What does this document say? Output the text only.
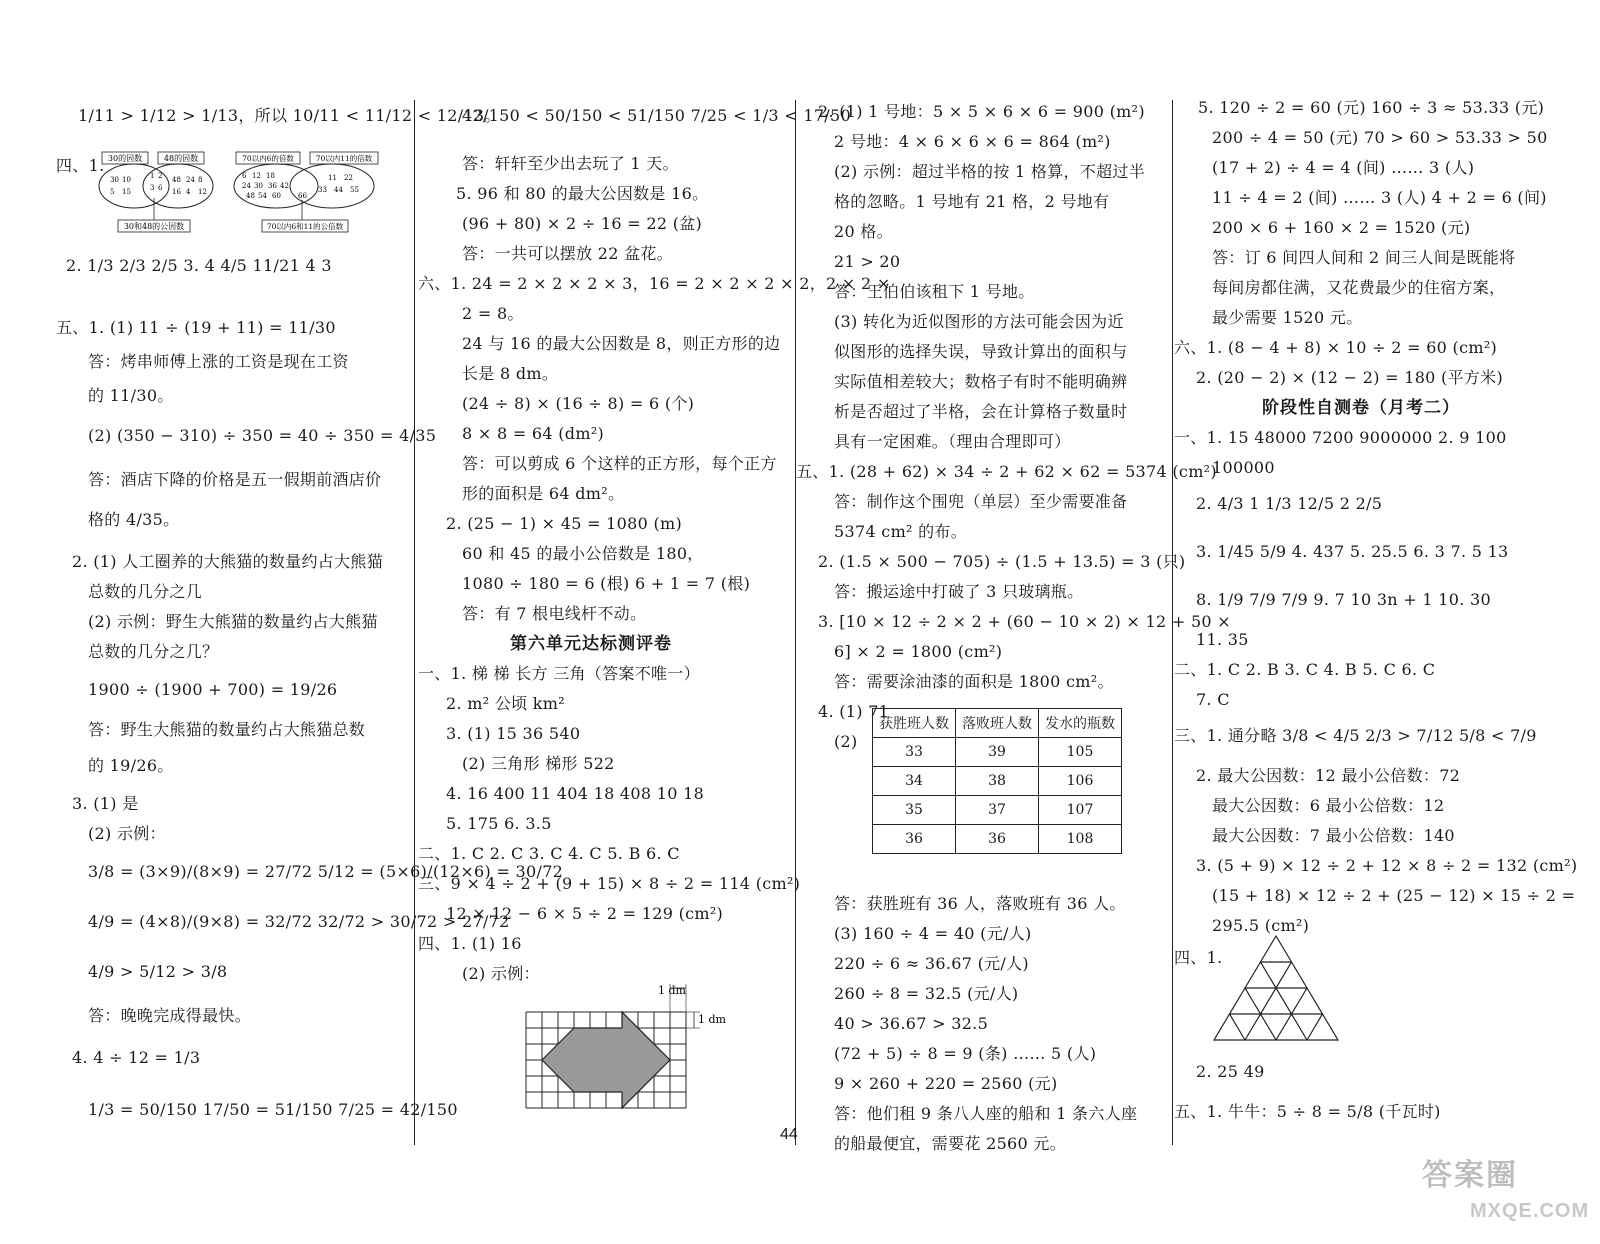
1/11 > 1/12 > 1/13，所以 10/11 < 11/12 < 12/13。
四、1.
2. 1/3 2/3 2/5 3. 4 4/5 11/21 4 3
五、1. (1) 11 ÷ (19 + 11) = 11/30
答：烤串师傅上涨的工资是现在工资
的 11/30。
(2) (350 − 310) ÷ 350 = 40 ÷ 350 = 4/35
答：酒店下降的价格是五一假期前酒店价
格的 4/35。
2. (1) 人工圈养的大熊猫的数量约占大熊猫
总数的几分之几
(2) 示例：野生大熊猫的数量约占大熊猫
总数的几分之几？
1900 ÷ (1900 + 700) = 19/26
答：野生大熊猫的数量约占大熊猫总数
的 19/26。
3. (1) 是
(2) 示例：
3/8 = (3×9)/(8×9) = 27/72 5/12 = (5×6)/(12×6) = 30/72
4/9 = (4×8)/(9×8) = 32/72 32/72 > 30/72 > 27/72
4/9 > 5/12 > 3/8
答：晚晚完成得最快。
4. 4 ÷ 12 = 1/3
1/3 = 50/150 17/50 = 51/150 7/25 = 42/150
30的因数	48的因数
30 10
5 15
1 2
3 6
48 24 8
16 4 12
30和48的公因数
70以内6的倍数	70以内11的倍数
6 12 18
24 30 36 42
48 54 60 66
11 22
33 44 55
70以内6和11的公倍数
42/150 < 50/150 < 51/150 7/25 < 1/3 < 17/50
答：轩轩至少出去玩了 1 天。
5. 96 和 80 的最大公因数是 16。
(96 + 80) × 2 ÷ 16 = 22 (盆)
答：一共可以摆放 22 盆花。
六、1. 24 = 2 × 2 × 2 × 3，16 = 2 × 2 × 2 × 2，2 × 2 ×
2 = 8。
24 与 16 的最大公因数是 8，则正方形的边
长是 8 dm。
(24 ÷ 8) × (16 ÷ 8) = 6 (个)
8 × 8 = 64 (dm²)
答：可以剪成 6 个这样的正方形，每个正方
形的面积是 64 dm²。
2. (25 − 1) × 45 = 1080 (m)
60 和 45 的最小公倍数是 180，
1080 ÷ 180 = 6 (根) 6 + 1 = 7 (根)
答：有 7 根电线杆不动。
第六单元达标测评卷
一、1. 梯 梯 长方 三角（答案不唯一）
2. m² 公顷 km²
3. (1) 15 36 540
(2) 三角形 梯形 522
4. 16 400 11 404 18 408 10 18
5. 175 6. 3.5
二、1. C 2. C 3. C 4. C 5. B 6. C
三、9 × 4 ÷ 2 + (9 + 15) × 8 ÷ 2 = 114 (cm²)
12 × 12 − 6 × 5 ÷ 2 = 129 (cm²)
四、1. (1) 16
(2) 示例：
1 dm
1 dm
2. (1) 1 号地：5 × 5 × 6 × 6 = 900 (m²)
2 号地：4 × 6 × 6 × 6 = 864 (m²)
(2) 示例：超过半格的按 1 格算，不超过半
格的忽略。1 号地有 21 格，2 号地有
20 格。
21 > 20
答：王伯伯该租下 1 号地。
(3) 转化为近似图形的方法可能会因为近
似图形的选择失误，导致计算出的面积与
实际值相差较大；数格子有时不能明确辨
析是否超过了半格，会在计算格子数量时
具有一定困难。（理由合理即可）
五、1. (28 + 62) × 34 ÷ 2 + 62 × 62 = 5374 (cm²)
答：制作这个围兜（单层）至少需要准备
5374 cm² 的布。
2. (1.5 × 500 − 705) ÷ (1.5 + 13.5) = 3 (只)
答：搬运途中打破了 3 只玻璃瓶。
3. [10 × 12 ÷ 2 × 2 + (60 − 10 × 2) × 12 + 50 ×
6] × 2 = 1800 (cm²)
答：需要涂油漆的面积是 1800 cm²。
4. (1) 71
(2)
答：获胜班有 36 人，落败班有 36 人。
(3) 160 ÷ 4 = 40 (元/人)
220 ÷ 6 ≈ 36.67 (元/人)
260 ÷ 8 = 32.5 (元/人)
40 > 36.67 > 32.5
(72 + 5) ÷ 8 = 9 (条) …… 5 (人)
9 × 260 + 220 = 2560 (元)
答：他们租 9 条八人座的船和 1 条六人座
的船最便宜，需要花 2560 元。
获胜班人数	落败班人数	发水的瓶数
33	39	105
34	38	106
35	37	107
36	36	108
5. 120 ÷ 2 = 60 (元) 160 ÷ 3 ≈ 53.33 (元)
200 ÷ 4 = 50 (元) 70 > 60 > 53.33 > 50
(17 + 2) ÷ 4 = 4 (间) …… 3 (人)
11 ÷ 4 = 2 (间) …… 3 (人) 4 + 2 = 6 (间)
200 × 6 + 160 × 2 = 1520 (元)
答：订 6 间四人间和 2 间三人间是既能将
每间房都住满，又花费最少的住宿方案，
最少需要 1520 元。
六、1. (8 − 4 + 8) × 10 ÷ 2 = 60 (cm²)
2. (20 − 2) × (12 − 2) = 180 (平方米)
阶段性自测卷（月考二）
一、1. 15 48000 7200 9000000 2. 9 100
100000
2. 4/3 1 1/3 12/5 2 2/5
3. 1/45 5/9 4. 437 5. 25.5 6. 3 7. 5 13
8. 1/9 7/9 7/9 9. 7 10 3n + 1 10. 30
11. 35
二、1. C 2. B 3. C 4. B 5. C 6. C
7. C
三、1. 通分略 3/8 < 4/5 2/3 > 7/12 5/8 < 7/9
2. 最大公因数：12 最小公倍数：72
最大公因数：6 最小公倍数：12
最大公因数：7 最小公倍数：140
3. (5 + 9) × 12 ÷ 2 + 12 × 8 ÷ 2 = 132 (cm²)
(15 + 18) × 12 ÷ 2 + (25 − 12) × 15 ÷ 2 =
295.5 (cm²)
四、1.
2. 25 49
五、1. 牛牛：5 ÷ 8 = 5/8 (千瓦时)
44
答案圈
MXQE.COM
